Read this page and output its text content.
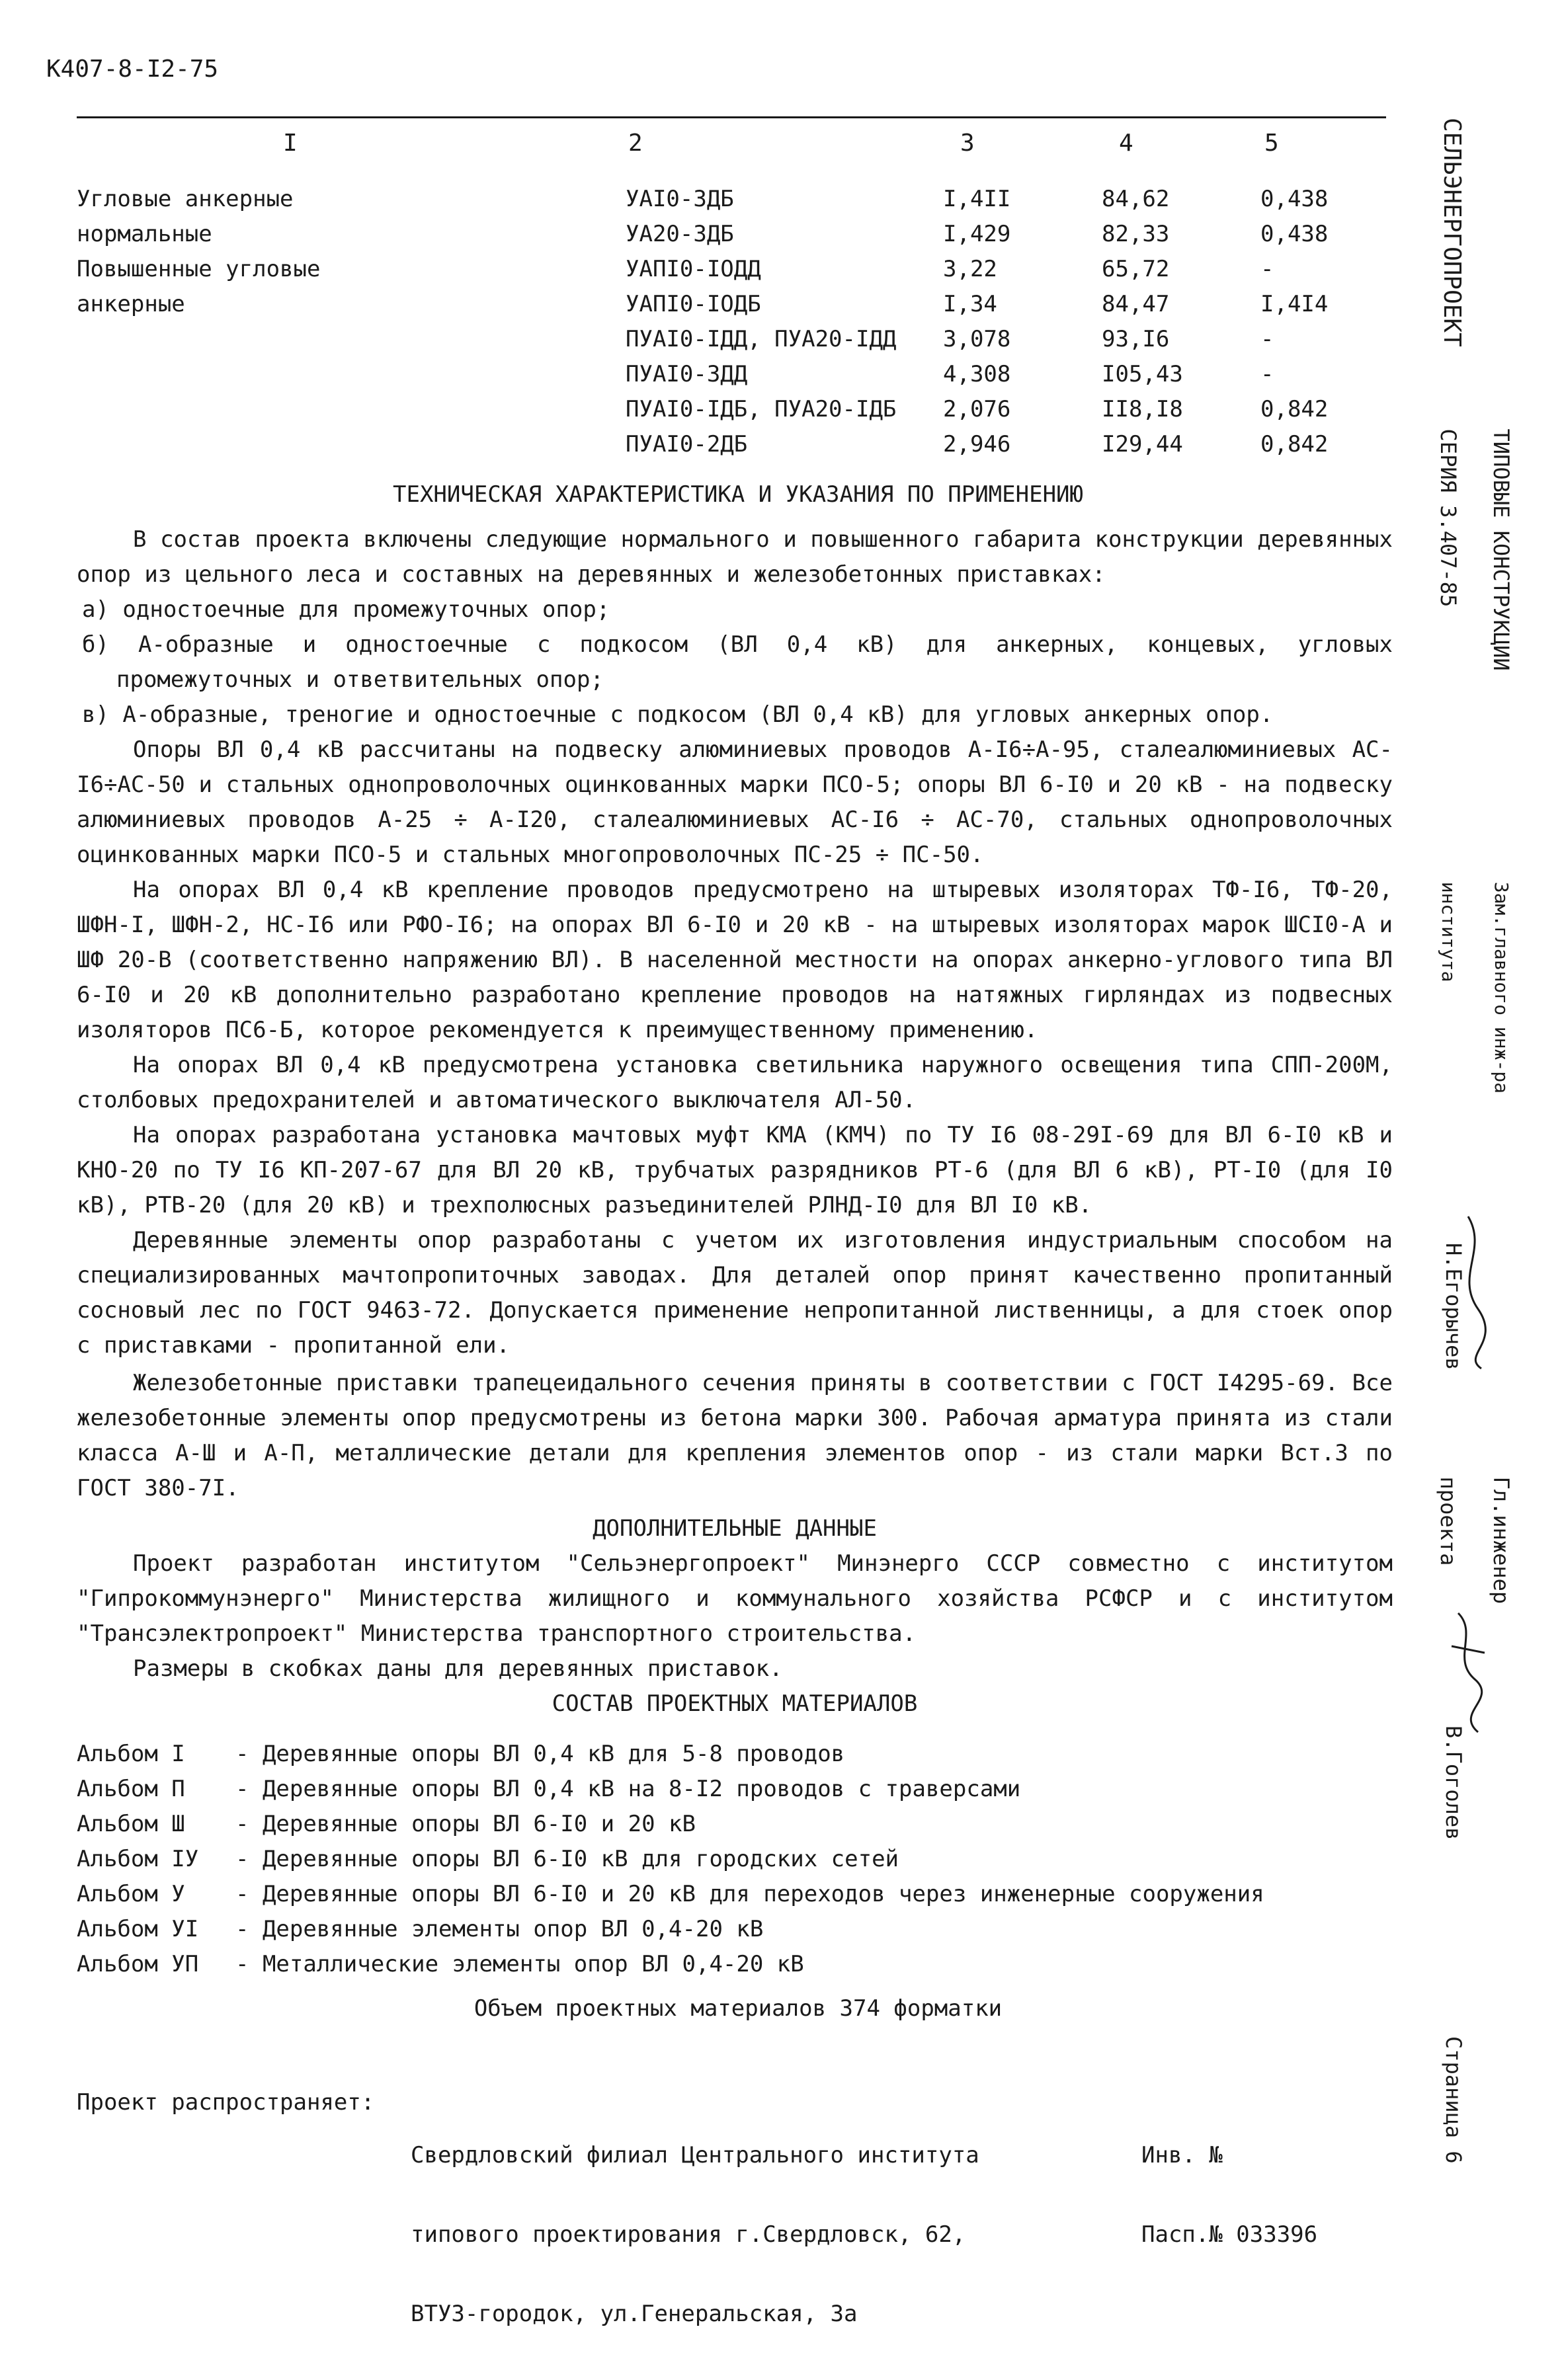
К407-8-I2-75
I	2	3	4	5
Угловые анкерные	УАI0-3ДБ	I,4II	84,62	0,438
нормальные	УА20-3ДБ	I,429	82,33	0,438
Повышенные угловые	УАПI0-IОДД	3,22	65,72	-
анкерные	УАПI0-IОДБ	I,34	84,47	I,4I4
	ПУАI0-IДД, ПУА20-IДД	3,078	93,I6	-
	ПУАI0-3ДД	4,308	I05,43	-
	ПУАI0-IДБ, ПУА20-IДБ	2,076	II8,I8	0,842
	ПУАI0-2ДБ	2,946	I29,44	0,842
ТЕХНИЧЕСКАЯ ХАРАКТЕРИСТИКА И УКАЗАНИЯ ПО ПРИМЕНЕНИЮ

В состав проекта включены следующие нормального и повышенного габарита конструкции деревянных опор из цельного леса и составных на деревянных и железобетонных приставках:

а) одностоечные для промежуточных опор;

б) А-образные и одностоечные с подкосом (ВЛ 0,4 кВ) для анкерных, концевых, угловых промежуточных и ответвительных опор;

в) А-образные, треногие и одностоечные с подкосом (ВЛ 0,4 кВ) для угловых анкерных опор.

Опоры ВЛ 0,4 кВ рассчитаны на подвеску алюминиевых проводов А-I6÷А-95, сталеалюминиевых АС-I6÷АС-50 и стальных однопроволочных оцинкованных марки ПСО-5; опоры ВЛ 6-I0 и 20 кВ - на подвеску алюминиевых проводов А-25 ÷ А-I20, сталеалюминиевых АС-I6 ÷ АС-70, стальных однопроволочных оцинкованных марки ПСО-5 и стальных многопроволочных ПС-25 ÷ ПС-50.

На опорах ВЛ 0,4 кВ крепление проводов предусмотрено на штыревых изоляторах ТФ-I6, ТФ-20, ШФН-I, ШФН-2, НС-I6 или РФО-I6; на опорах ВЛ 6-I0 и 20 кВ - на штыревых изоляторах марок ШСI0-А и ШФ 20-В (соответственно напряжению ВЛ). В населенной местности на опорах анкерно-углового типа ВЛ 6-I0 и 20 кВ дополнительно разработано крепление проводов на натяжных гирляндах из подвесных изоляторов ПС6-Б, которое рекомендуется к преимущественному применению.

На опорах ВЛ 0,4 кВ предусмотрена установка светильника наружного освещения типа СПП-200М, столбовых предохранителей и автоматического выключателя АЛ-50.

На опорах разработана установка мачтовых муфт КМА (КМЧ) по ТУ I6 08-29I-69 для ВЛ 6-I0 кВ и КНО-20 по ТУ I6 КП-207-67 для ВЛ 20 кВ, трубчатых разрядников РТ-6 (для ВЛ 6 кВ), РТ-I0 (для I0 кВ), РТВ-20 (для 20 кВ) и трехполюсных разъединителей РЛНД-I0 для ВЛ I0 кВ.

Деревянные элементы опор разработаны с учетом их изготовления индустриальным способом на специализированных мачтопропиточных заводах. Для деталей опор принят качественно пропитанный сосновый лес по ГОСТ 9463-72. Допускается применение непропитанной лиственницы, а для стоек опор с приставками - пропитанной ели.

Железобетонные приставки трапецеидального сечения приняты в соответствии с ГОСТ I4295-69. Все железобетонные элементы опор предусмотрены из бетона марки 300. Рабочая арматура принята из стали класса А-Ш и А-П, металлические детали для крепления элементов опор - из стали марки Вст.3 по ГОСТ 380-7I.

ДОПОЛНИТЕЛЬНЫЕ ДАННЫЕ

Проект разработан институтом "Сельэнергопроект" Минэнерго СССР совместно с институтом "Гипрокоммунэнерго" Министерства жилищного и коммунального хозяйства РСФСР и с институтом "Трансэлектропроект" Министерства транспортного строительства.

Размеры в скобках даны для деревянных приставок.

СОСТАВ ПРОЕКТНЫХ МАТЕРИАЛОВ
Альбом I - Деревянные опоры ВЛ 0,4 кВ для 5-8 проводов
Альбом П - Деревянные опоры ВЛ 0,4 кВ на 8-I2 проводов с траверсами
Альбом Ш - Деревянные опоры ВЛ 6-I0 и 20 кВ
Альбом IУ - Деревянные опоры ВЛ 6-I0 кВ для городских сетей
Альбом У - Деревянные опоры ВЛ 6-I0 и 20 кВ для переходов через инженерные сооружения
Альбом УI - Деревянные элементы опор ВЛ 0,4-20 кВ
Альбом УП - Металлические элементы опор ВЛ 0,4-20 кВ
Объем проектных материалов 374 форматки
Проект распространяет:

Свердловский филиал Центрального института

типового проектирования г.Свердловск, 62,

ВТУЗ-городок, ул.Генеральская, 3а

Инв. №

Пасп.№ 033396

СЕЛЬЭНЕРГОПРОЕКТ

ТИПОВЫЕ КОНСТРУКЦИИ

СЕРИЯ 3.407-85

Зам.главного инж-ра

института

Н.Егорычев

Гл.инженер

проекта

В.Гоголев
Страница 6
